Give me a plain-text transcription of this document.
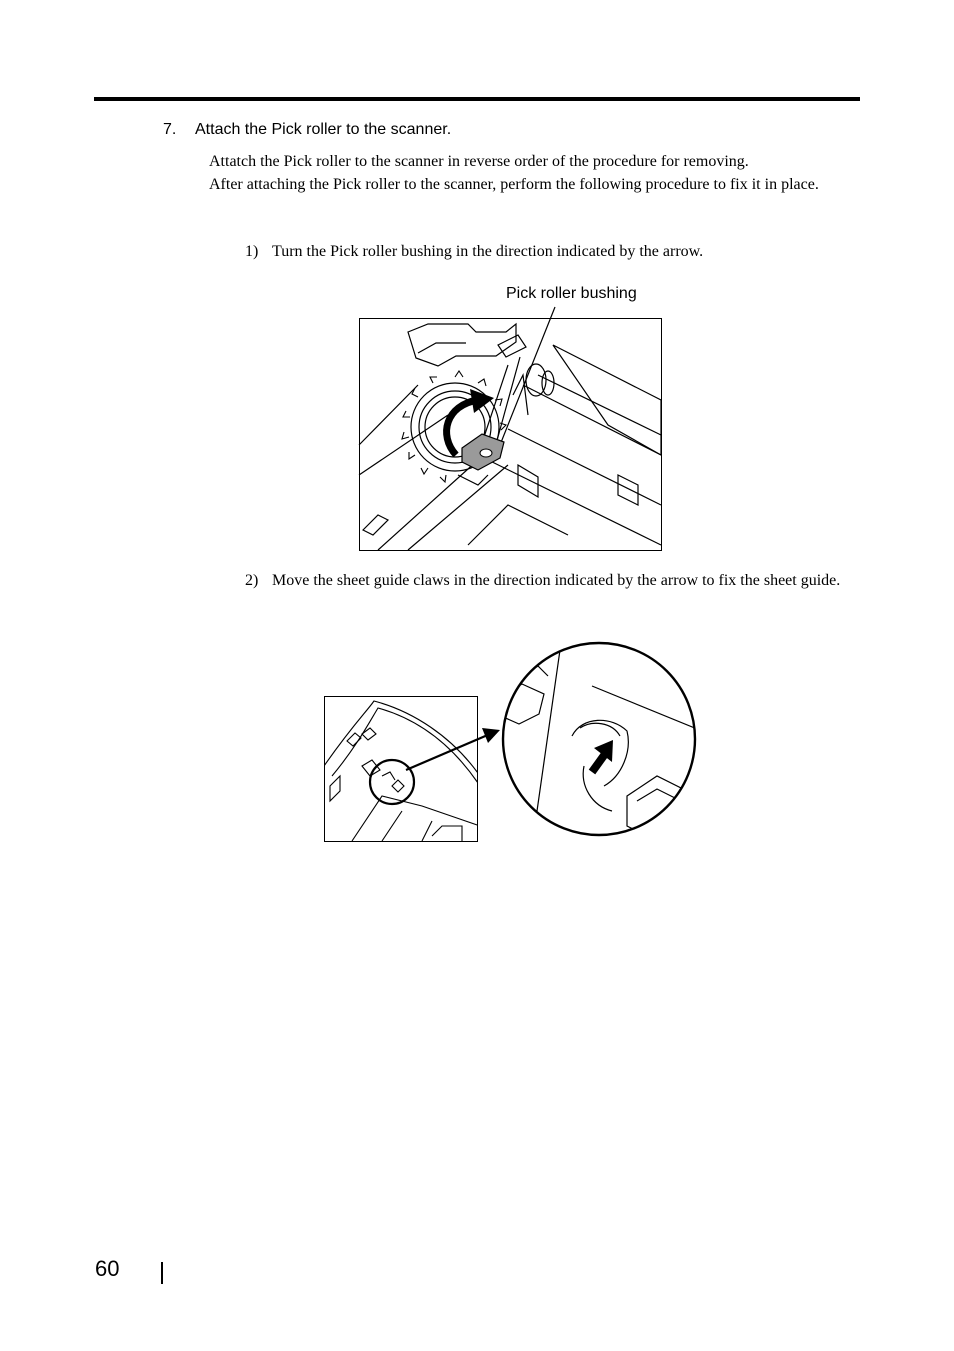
7. Attach the Pick roller to the scanner.

Attatch the Pick roller to the scanner in reverse order of the procedure for removing.

After attaching the Pick roller to the scanner, perform the following procedure to fix it in place.

1) Turn the Pick roller bushing in the direction indicated by the arrow.
Pick roller bushing
2) Move the sheet guide claws in the direction indicated by the arrow to fix the sheet guide.
60
